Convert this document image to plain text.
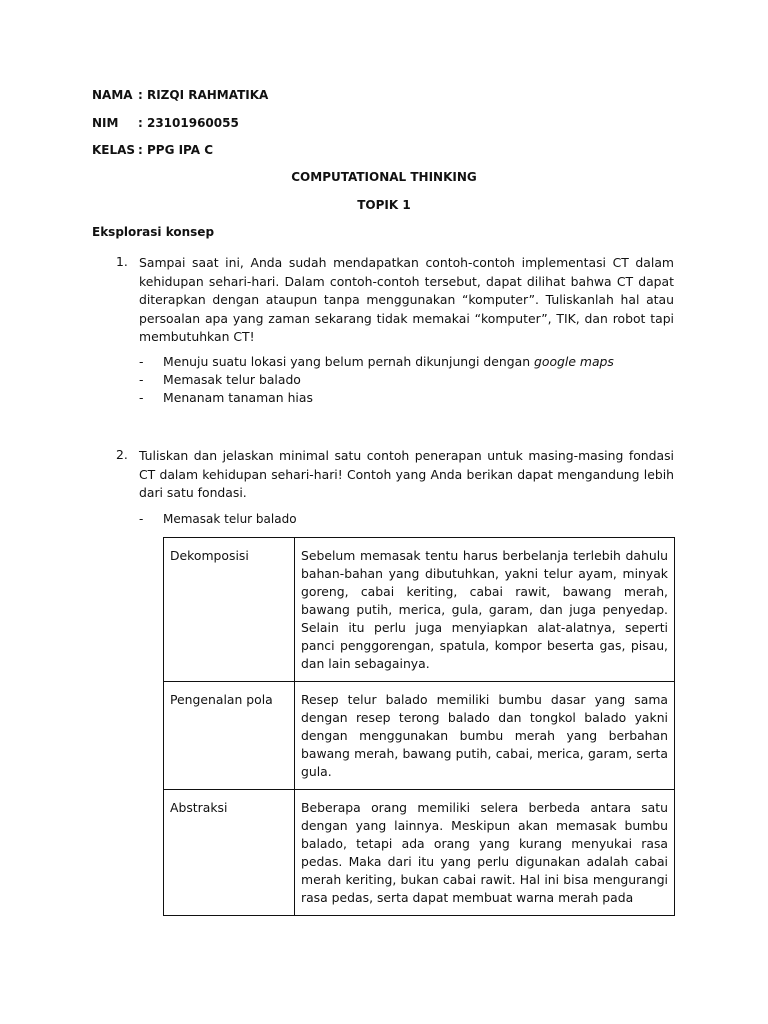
NAMA : RIZQI RAHMATIKA
NIM : 23101960055
KELAS : PPG IPA C
COMPUTATIONAL THINKING
TOPIK 1
Eksplorasi konsep
1. Sampai saat ini, Anda sudah mendapatkan contoh-contoh implementasi CT dalam kehidupan sehari-hari. Dalam contoh-contoh tersebut, dapat dilihat bahwa CT dapat diterapkan dengan ataupun tanpa menggunakan “komputer”. Tuliskanlah hal atau persoalan apa yang zaman sekarang tidak memakai “komputer”, TIK, dan robot tapi membutuhkan CT!

- Menuju suatu lokasi yang belum pernah dikunjungi dengan google maps
- Memasak telur balado
- Menanam tanaman hias
2. Tuliskan dan jelaskan minimal satu contoh penerapan untuk masing-masing fondasi CT dalam kehidupan sehari-hari! Contoh yang Anda berikan dapat mengandung lebih dari satu fondasi.

- Memasak telur balado
Dekomposisi	Sebelum memasak tentu harus berbelanja terlebih dahulu bahan-bahan yang dibutuhkan, yakni telur ayam, minyak goreng, cabai keriting, cabai rawit, bawang merah, bawang putih, merica, gula, garam, dan juga penyedap. Selain itu perlu juga menyiapkan alat-alatnya, seperti panci penggorengan, spatula, kompor beserta gas, pisau, dan lain sebagainya.
Pengenalan pola	Resep telur balado memiliki bumbu dasar yang sama dengan resep terong balado dan tongkol balado yakni dengan menggunakan bumbu merah yang berbahan bawang merah, bawang putih, cabai, merica, garam, serta gula.
Abstraksi	Beberapa orang memiliki selera berbeda antara satu dengan yang lainnya. Meskipun akan memasak bumbu balado, tetapi ada orang yang kurang menyukai rasa pedas. Maka dari itu yang perlu digunakan adalah cabai merah keriting, bukan cabai rawit. Hal ini bisa mengurangi rasa pedas, serta dapat membuat warna merah pada
